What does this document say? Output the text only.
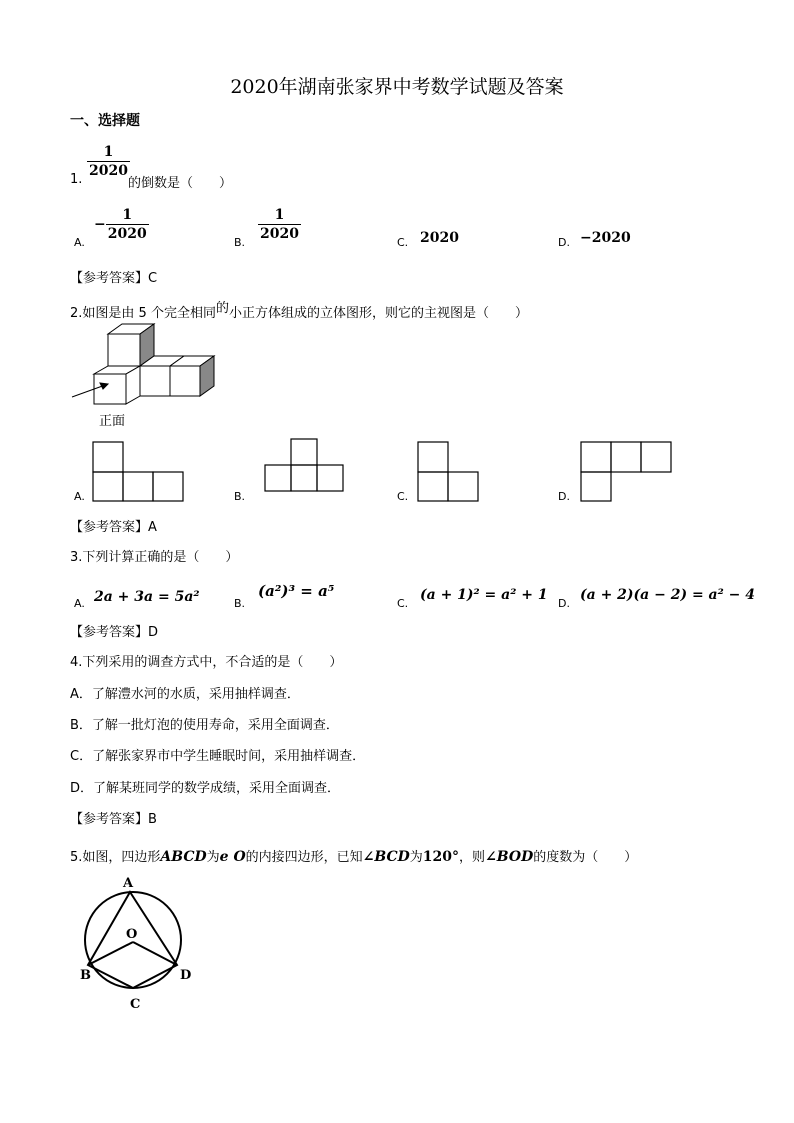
2020年湖南张家界中考数学试题及答案
一、选择题
$\frac{1}{2020}$
1.	的倒数是（　　）
A.
− $\frac{1}{2020}$
B.
$\frac{1}{2020}$
C. 2020	D. −2020
【参考答案】C
2.如图是由 5 个完全相同的小正方体组成的立体图形，则它的主视图是（　　）
正面
A.	B.	C.	D.
【参考答案】A
3.下列计算正确的是（　　）
A. 2a + 3a = 5a²	B.
(a²)³ = a⁵
C.
(a + 1)² = a² + 1
D.
(a + 2)(a − 2) = a² − 4
【参考答案】D
4.下列采用的调查方式中，不合适的是（　　）
A．了解澧水河的水质，采用抽样调查．
B．了解一批灯泡的使用寿命，采用全面调查．
C．了解张家界市中学生睡眠时间，采用抽样调查．
D．了解某班同学的数学成绩，采用全面调查．
【参考答案】B
5.如图，四边形ABCD为e O的内接四边形，已知∠BCD为120°，则∠BOD的度数为（　　）
A
O
B	D
C
